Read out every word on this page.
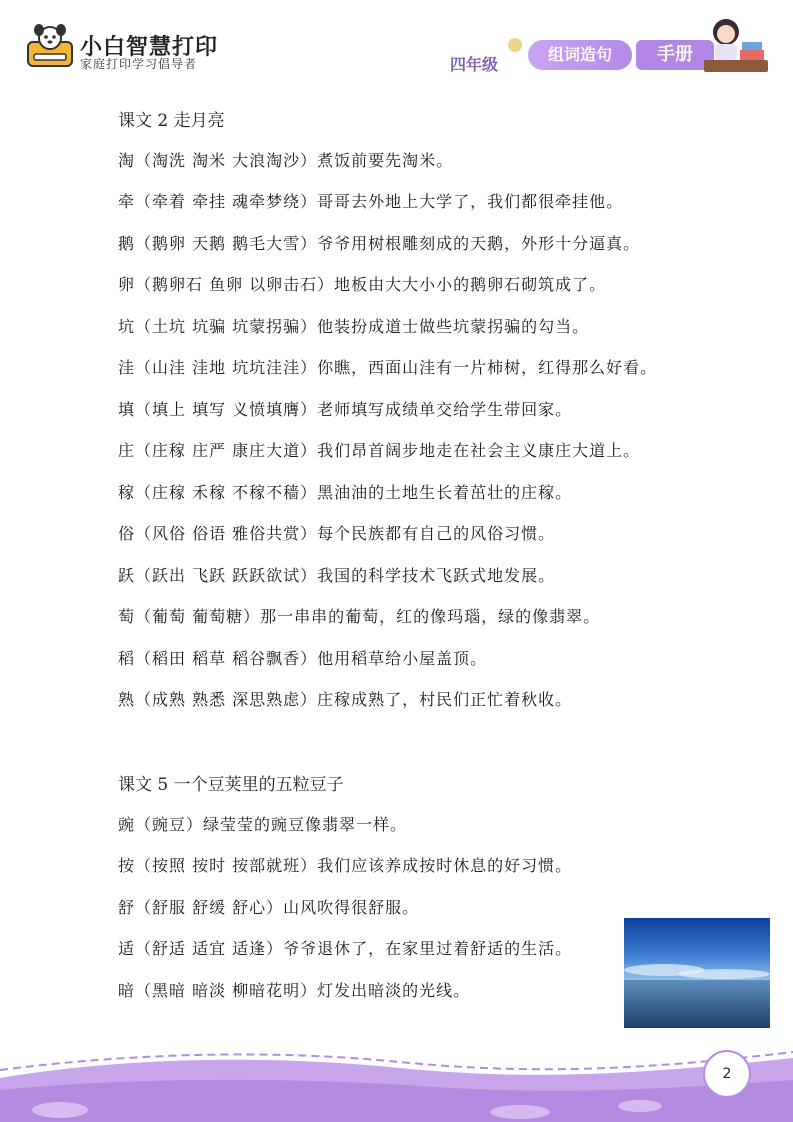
小白智慧打印
家庭打印学习倡导者	四年级
组词造句	手册
课文 2 走月亮
淘（淘洗 淘米 大浪淘沙）煮饭前要先淘米。
牵（牵着 牵挂 魂牵梦绕）哥哥去外地上大学了，我们都很牵挂他。
鹅（鹅卵 天鹅 鹅毛大雪）爷爷用树根雕刻成的天鹅，外形十分逼真。
卵（鹅卵石 鱼卵 以卵击石）地板由大大小小的鹅卵石砌筑成了。
坑（土坑 坑骗 坑蒙拐骗）他装扮成道士做些坑蒙拐骗的勾当。
洼（山洼 洼地 坑坑洼洼）你瞧，西面山洼有一片柿树，红得那么好看。
填（填上 填写 义愤填膺）老师填写成绩单交给学生带回家。
庄（庄稼 庄严 康庄大道）我们昂首阔步地走在社会主义康庄大道上。
稼（庄稼 禾稼 不稼不穑）黑油油的土地生长着茁壮的庄稼。
俗（风俗 俗语 雅俗共赏）每个民族都有自己的风俗习惯。
跃（跃出 飞跃 跃跃欲试）我国的科学技术飞跃式地发展。
萄（葡萄 葡萄糖）那一串串的葡萄，红的像玛瑙，绿的像翡翠。
稻（稻田 稻草 稻谷飘香）他用稻草给小屋盖顶。
熟（成熟 熟悉 深思熟虑）庄稼成熟了，村民们正忙着秋收。
课文 5 一个豆荚里的五粒豆子
豌（豌豆）绿莹莹的豌豆像翡翠一样。
按（按照 按时 按部就班）我们应该养成按时休息的好习惯。
舒（舒服 舒缓 舒心）山风吹得很舒服。
适（舒适 适宜 适逢）爷爷退休了，在家里过着舒适的生活。
暗（黑暗 暗淡 柳暗花明）灯发出暗淡的光线。
2
